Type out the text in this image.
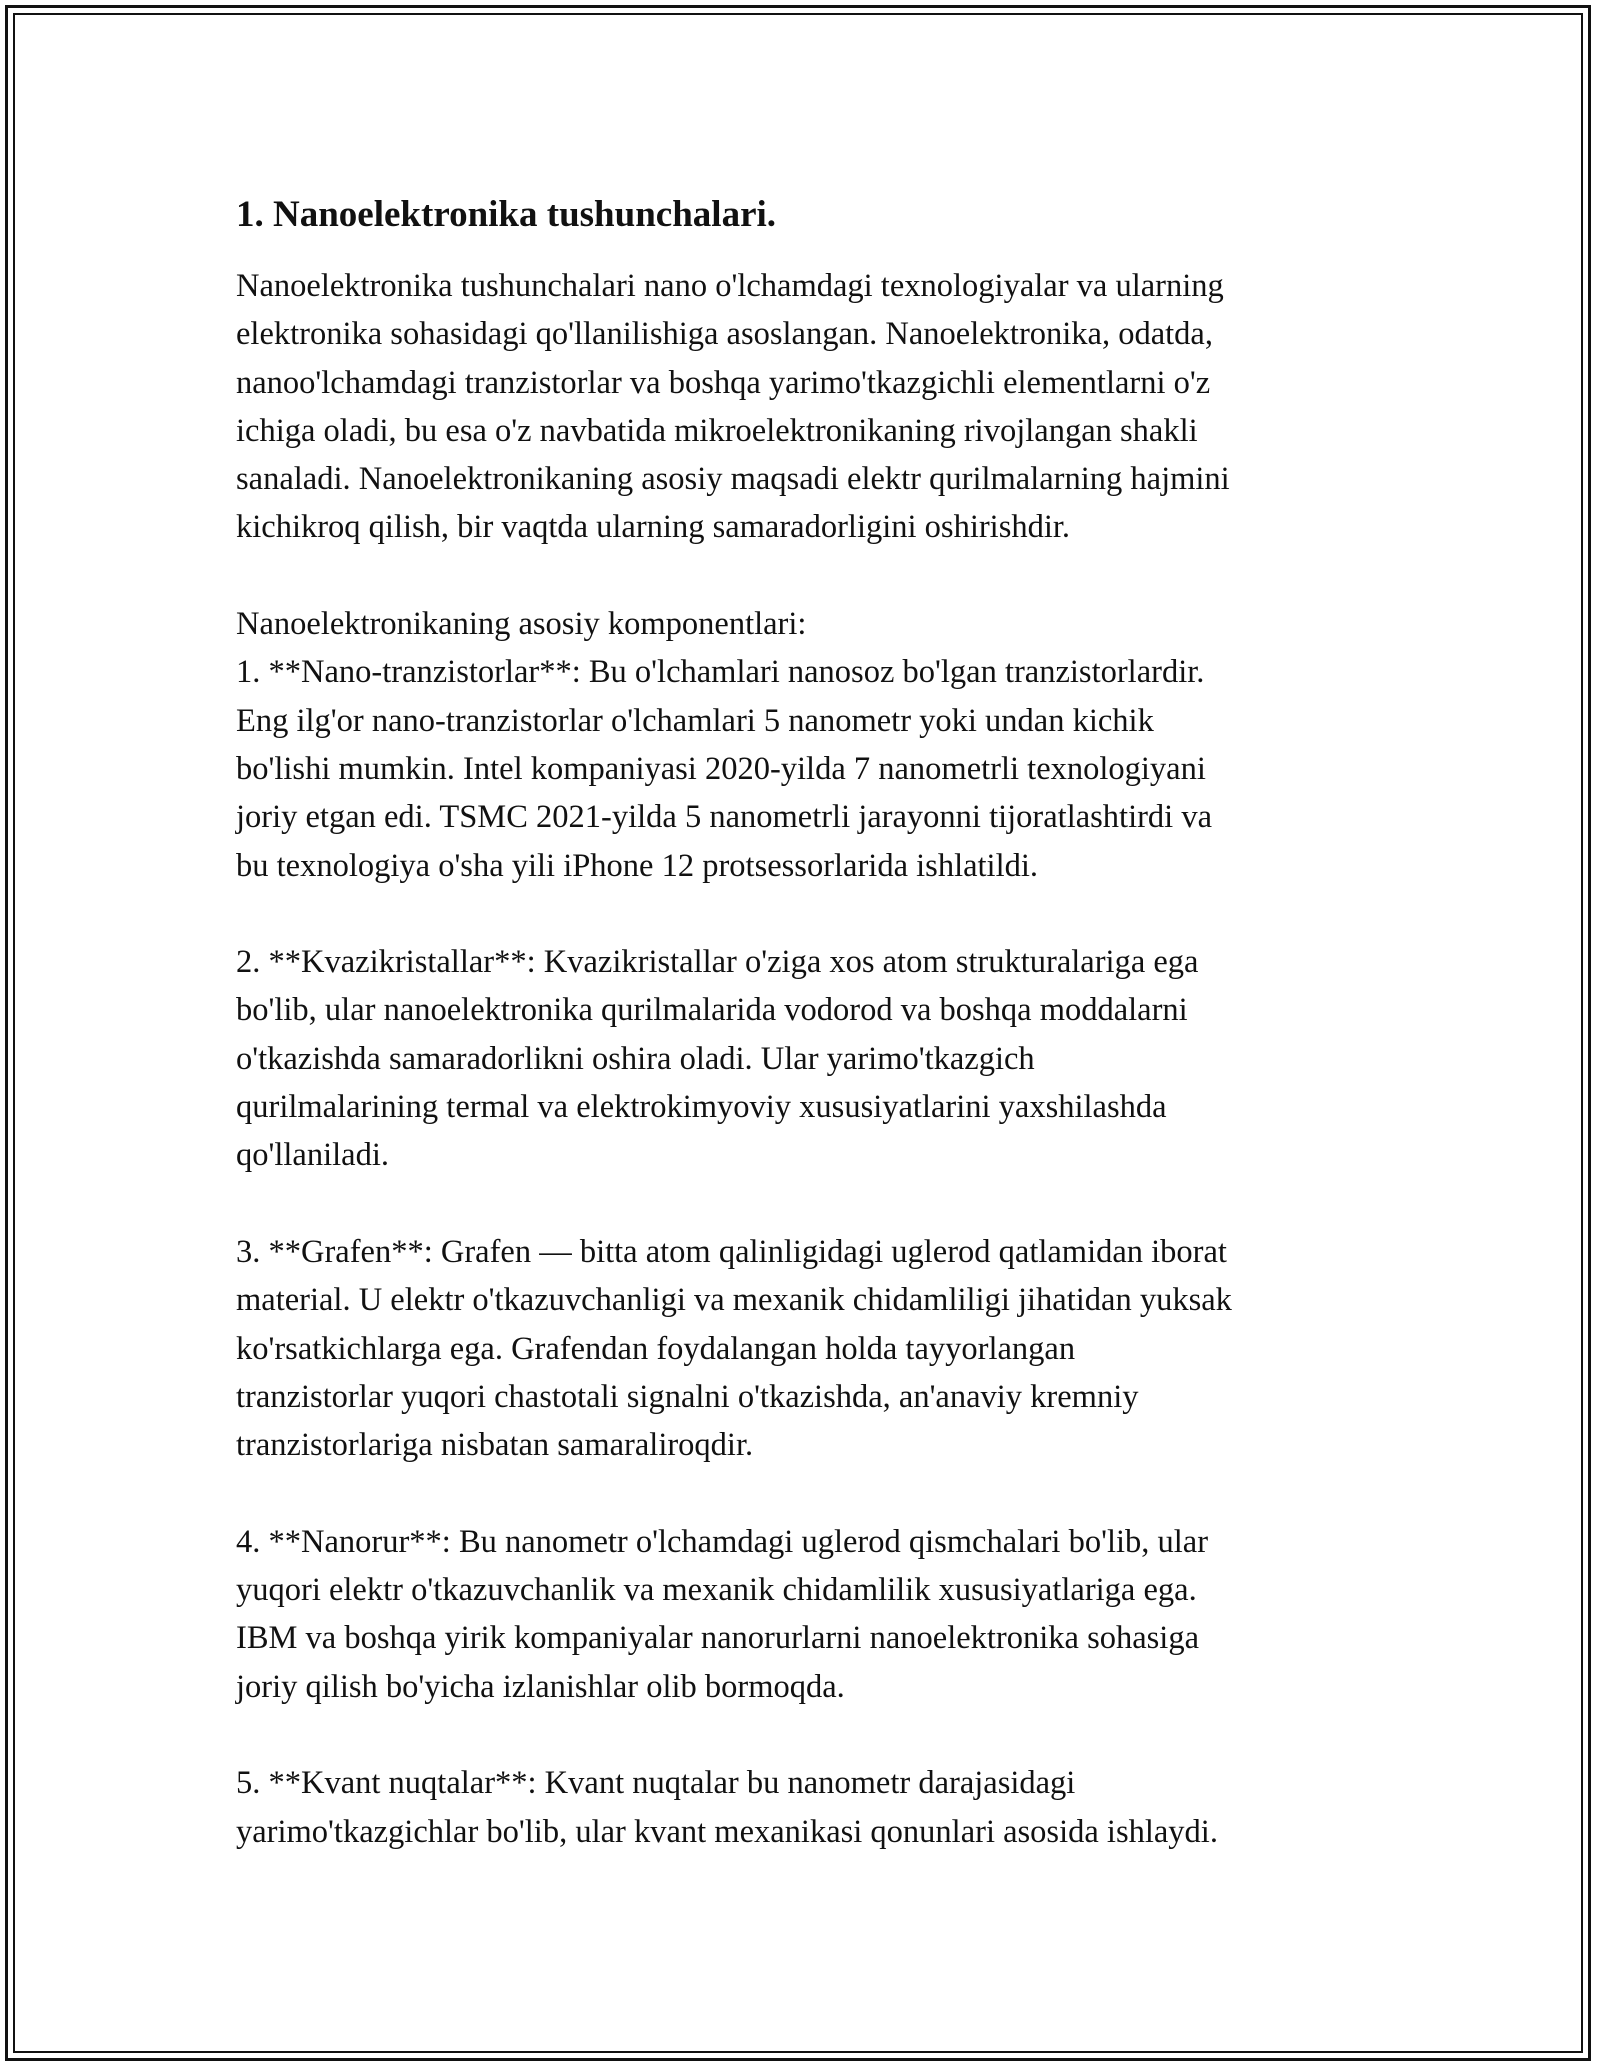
1. Nanoelektronika tushunchalari.

Nanoelektronika tushunchalari nano o'lchamdagi texnologiyalar va ularning
elektronika sohasidagi qo'llanilishiga asoslangan. Nanoelektronika, odatda,
nanoo'lchamdagi tranzistorlar va boshqa yarimo'tkazgichli elementlarni o'z
ichiga oladi, bu esa o'z navbatida mikroelektronikaning rivojlangan shakli
sanaladi. Nanoelektronikaning asosiy maqsadi elektr qurilmalarning hajmini
kichikroq qilish, bir vaqtda ularning samaradorligini oshirishdir.

Nanoelektronikaning asosiy komponentlari:
1. **Nano-tranzistorlar**: Bu o'lchamlari nanosoz bo'lgan tranzistorlardir.
Eng ilg'or nano-tranzistorlar o'lchamlari 5 nanometr yoki undan kichik
bo'lishi mumkin. Intel kompaniyasi 2020-yilda 7 nanometrli texnologiyani
joriy etgan edi. TSMC 2021-yilda 5 nanometrli jarayonni tijoratlashtirdi va
bu texnologiya o'sha yili iPhone 12 protsessorlarida ishlatildi.

2. **Kvazikristallar**: Kvazikristallar o'ziga xos atom strukturalariga ega
bo'lib, ular nanoelektronika qurilmalarida vodorod va boshqa moddalarni
o'tkazishda samaradorlikni oshira oladi. Ular yarimo'tkazgich
qurilmalarining termal va elektrokimyoviy xususiyatlarini yaxshilashda
qo'llaniladi.

3. **Grafen**: Grafen — bitta atom qalinligidagi uglerod qatlamidan iborat
material. U elektr o'tkazuvchanligi va mexanik chidamliligi jihatidan yuksak
ko'rsatkichlarga ega. Grafendan foydalangan holda tayyorlangan
tranzistorlar yuqori chastotali signalni o'tkazishda, an'anaviy kremniy
tranzistorlariga nisbatan samaraliroqdir.

4. **Nanorur**: Bu nanometr o'lchamdagi uglerod qismchalari bo'lib, ular
yuqori elektr o'tkazuvchanlik va mexanik chidamlilik xususiyatlariga ega.
IBM va boshqa yirik kompaniyalar nanorurlarni nanoelektronika sohasiga
joriy qilish bo'yicha izlanishlar olib bormoqda.

5. **Kvant nuqtalar**: Kvant nuqtalar bu nanometr darajasidagi
yarimo'tkazgichlar bo'lib, ular kvant mexanikasi qonunlari asosida ishlaydi.
